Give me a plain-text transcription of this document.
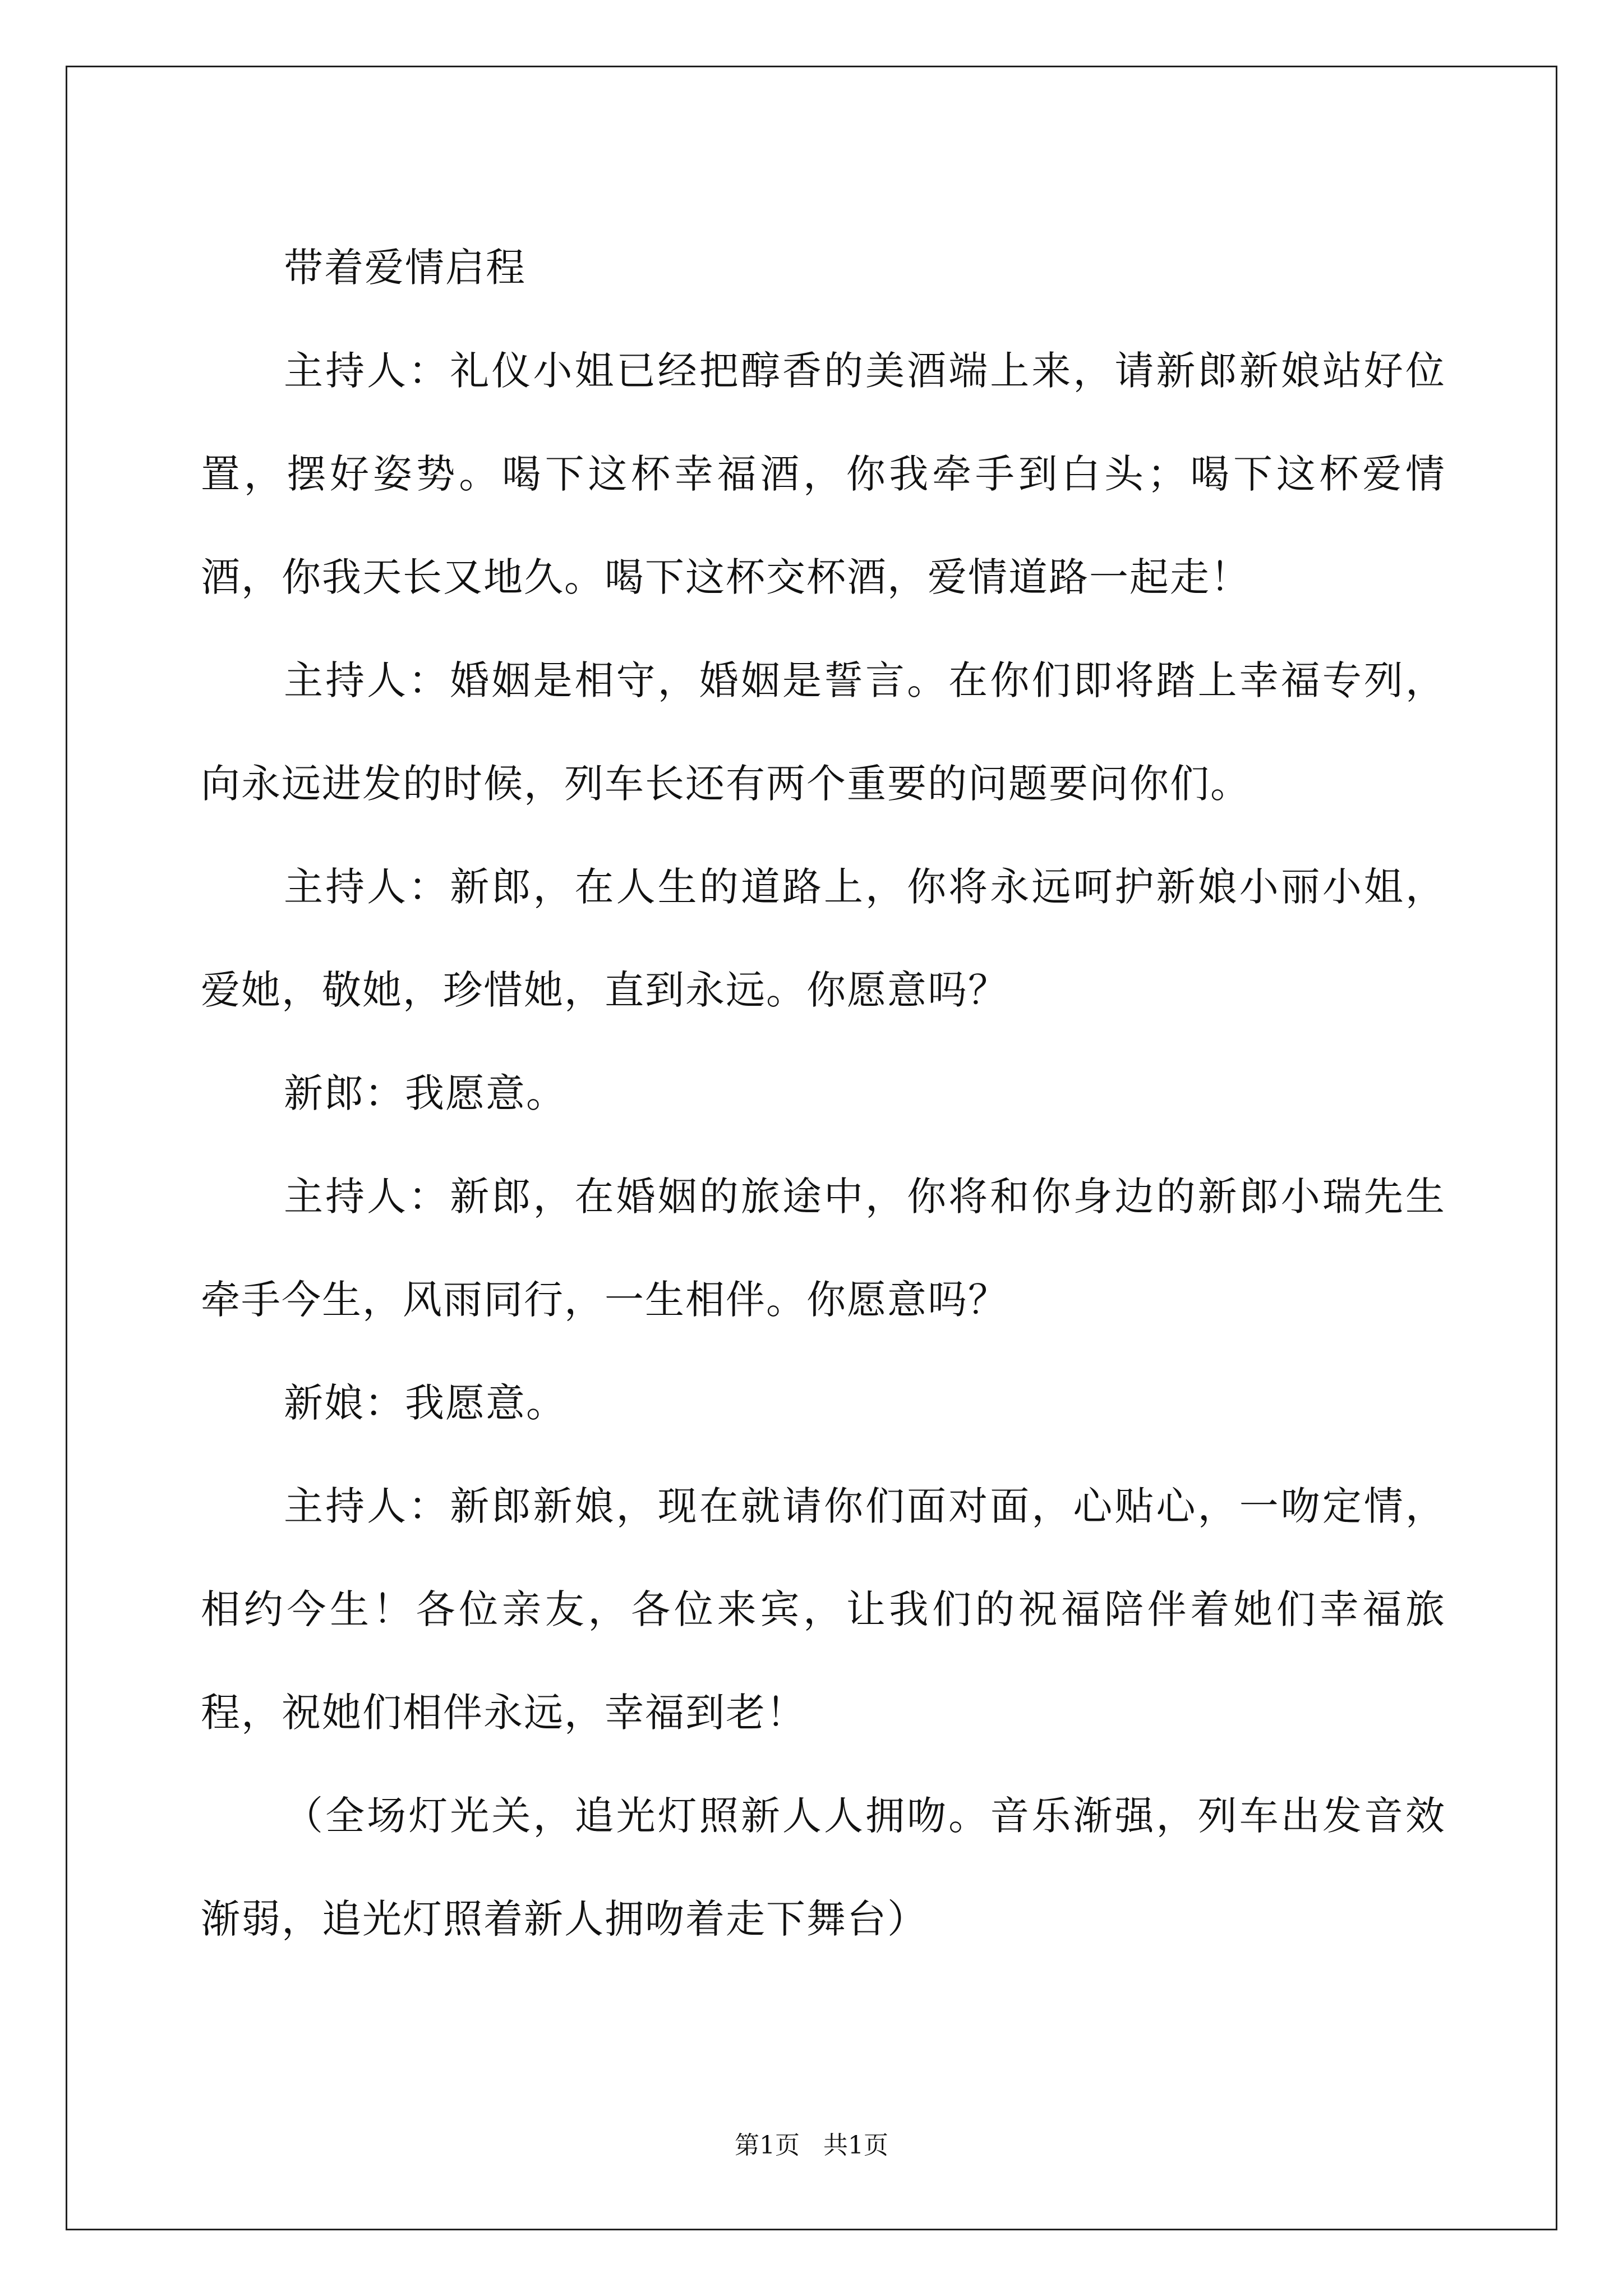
带着爱情启程

主持人：礼仪小姐已经把醇香的美酒端上来，请新郎新娘站好位置，摆好姿势。喝下这杯幸福酒，你我牵手到白头；喝下这杯爱情酒，你我天长又地久。喝下这杯交杯酒，爱情道路一起走！

主持人：婚姻是相守，婚姻是誓言。在你们即将踏上幸福专列，向永远进发的时候，列车长还有两个重要的问题要问你们。

主持人：新郎，在人生的道路上，你将永远呵护新娘小丽小姐，爱她，敬她，珍惜她，直到永远。你愿意吗？

新郎：我愿意。

主持人：新郎，在婚姻的旅途中，你将和你身边的新郎小瑞先生牵手今生，风雨同行，一生相伴。你愿意吗？

新娘：我愿意。

主持人：新郎新娘，现在就请你们面对面，心贴心，一吻定情，相约今生！各位亲友，各位来宾，让我们的祝福陪伴着她们幸福旅程，祝她们相伴永远，幸福到老！

（全场灯光关，追光灯照新人人拥吻。音乐渐强，列车出发音效渐弱，追光灯照着新人拥吻着走下舞台）

第1页 共1页
